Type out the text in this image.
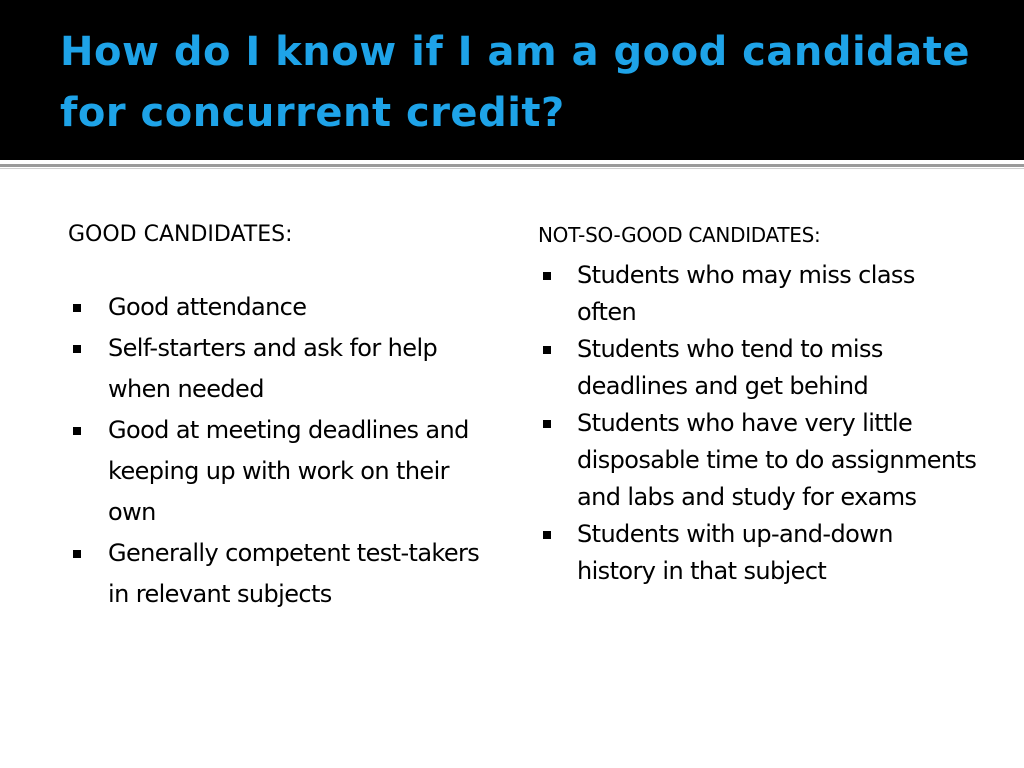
How do I know if I am a good candidate for concurrent credit?
GOOD CANDIDATES:
Good attendance
Self-starters and ask for help when needed
Good at meeting deadlines and keeping up with work on their own
Generally competent test-takers in relevant subjects
NOT-SO-GOOD CANDIDATES:
Students who may miss class often
Students who tend to miss deadlines and get behind
Students who have very little disposable time to do assignments and labs and study for exams
Students with up-and-down history in that subject
